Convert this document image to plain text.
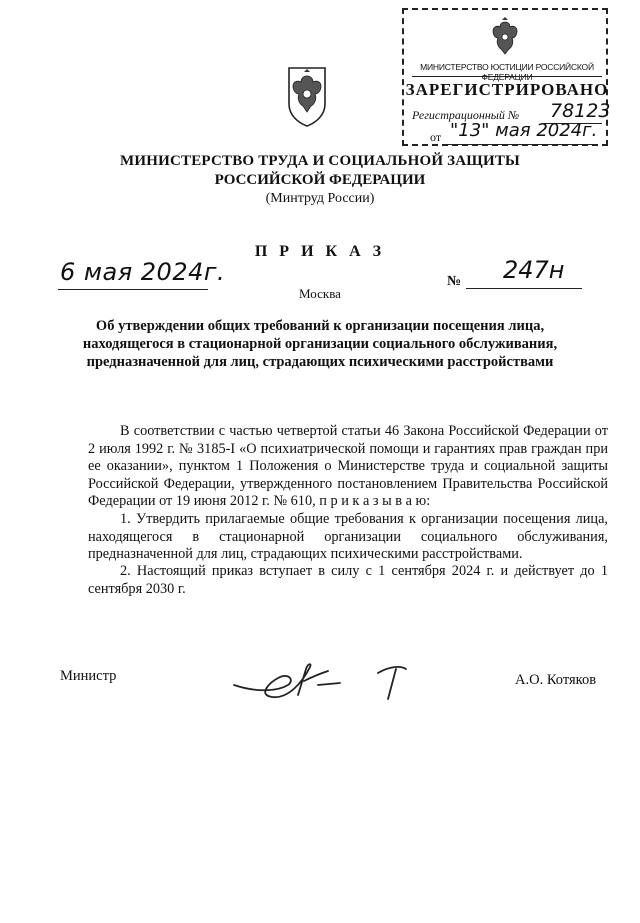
МИНИСТЕРСТВО ЮСТИЦИИ РОССИЙСКОЙ ФЕДЕРАЦИИ
ЗАРЕГИСТРИРОВАНО
Регистрационный № 78123
от "13" мая 2024г.
МИНИСТЕРСТВО ТРУДА И СОЦИАЛЬНОЙ ЗАЩИТЫ
РОССИЙСКОЙ ФЕДЕРАЦИИ
(Минтруд России)
П Р И К А З
6 мая 2024г.	№ 247н
Москва
Об утверждении общих требований к организации посещения лица, находящегося в стационарной организации социального обслуживания, предназначенной для лиц, страдающих психическими расстройствами
В соответствии с частью четвертой статьи 46 Закона Российской Федерации от 2 июля 1992 г. № 3185-I «О психиатрической помощи и гарантиях прав граждан при ее оказании», пунктом 1 Положения о Министерстве труда и социальной защиты Российской Федерации, утвержденного постановлением Правительства Российской Федерации от 19 июня 2012 г. № 610, п р и к а з ы в а ю:
1. Утвердить прилагаемые общие требования к организации посещения лица, находящегося в стационарной организации социального обслуживания, предназначенной для лиц, страдающих психическими расстройствами.
2. Настоящий приказ вступает в силу с 1 сентября 2024 г. и действует до 1 сентября 2030 г.
Министр	А.О. Котяков
